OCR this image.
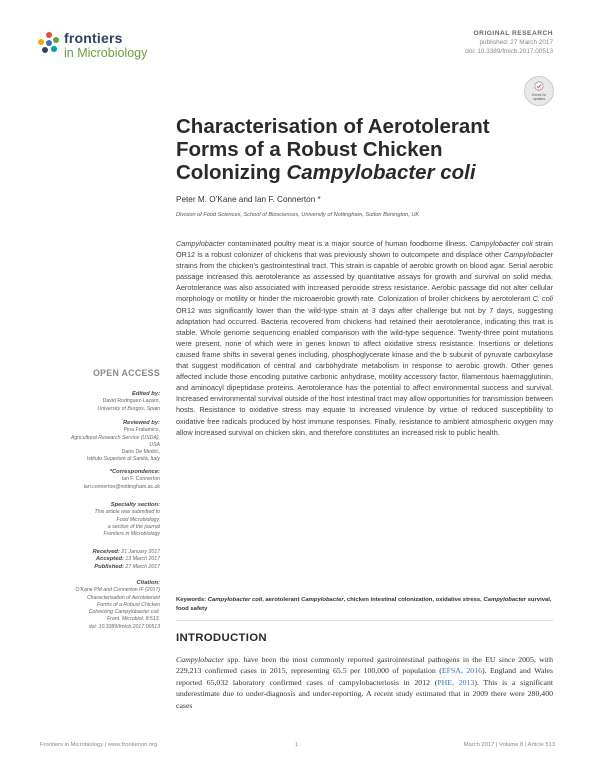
frontiers
in Microbiology
ORIGINAL RESEARCH
published: 27 March 2017
doi: 10.3389/fmicb.2017.00513
Check for
updates
Characterisation of Aerotolerant
Forms of a Robust Chicken
Colonizing Campylobacter coli
Peter M. O’Kane and Ian F. Connerton *
Division of Food Sciences, School of Biosciences, University of Nottingham, Sutton Bonington, UK

Campylobacter contaminated poultry meat is a major source of human foodborne illness. Campylobacter coli strain OR12 is a robust colonizer of chickens that was previously shown to outcompete and displace other Campylobacter strains from the chicken’s gastrointestinal tract. This strain is capable of aerobic growth on blood agar. Serial aerobic passage increased this aerotolerance as assessed by quantitative assays for growth and survival on solid media. Aerotolerance was also associated with increased peroxide stress resistance. Aerobic passage did not alter cellular morphology or motility or hinder the microaerobic growth rate. Colonization of broiler chickens by aerotolerant C. coli OR12 was significantly lower than the wild-type strain at 3 days after challenge but not by 7 days, suggesting adaptation had occurred. Bacteria recovered from chickens had retained their aerotolerance, indicating this trait is stable. Whole genome sequencing enabled comparison with the wild-type sequence. Twenty-three point mutations were present, none of which were in genes known to affect oxidative stress resistance. Insertions or deletions caused frame shifts in several genes including, phosphoglycerate kinase and the b subunit of pyruvate carboxylase that suggest modification of central and carbohydrate metabolism in response to aerobic growth. Other genes affected include those encoding putative carbonic anhydrase, motility accessory factor, filamentous haemagglutinin, and aminoacyl dipeptidase proteins. Aerotolerance has the potential to affect environmental success and survival. Increased environmental survival outside of the host intestinal tract may allow opportunities for transmission between hosts. Resistance to oxidative stress may equate to increased virulence by virtue of reduced susceptibility to oxidative free radicals produced by host immune responses. Finally, resistance to ambient atmospheric oxygen may allow increased survival on chicken skin, and therefore constitutes an increased risk to public health.

Keywords: Campylobacter coli, aerotolerant Campylobacter, chicken intestinal colonization, oxidative stress, Campylobacter survival, food safety
INTRODUCTION

Campylobacter spp. have been the most commonly reported gastrointestinal pathogens in the EU since 2005, with 229,213 confirmed cases in 2015, representing 65.5 per 100,000 of population (EFSA, 2016). England and Wales reported 65,032 laboratory confirmed cases of campylobacteriosis in 2012 (PHE, 2013). This is a significant underestimate due to under-diagnosis and under-reporting. A recent study estimated that in 2009 there were 280,400 cases

OPEN ACCESS
Edited by:
David Rodriguez-Lazaro,
University of Burgos, Spain
Reviewed by:
Pina Fratamico,
Agricultural Research Service (USDA),
USA
Dario De Medici,
Istituto Superiore di Sanità, Italy
*Correspondence:
Ian F. Connerton
ian.connerton@nottingham.ac.uk
Specialty section:
This article was submitted to
Food Microbiology,
a section of the journal
Frontiers in Microbiology
Received: 21 January 2017
Accepted: 13 March 2017
Published: 27 March 2017
Citation:
O’Kane PM and Connerton IF (2017)
Characterisation of Aerotolerant
Forms of a Robust Chicken
Colonizing Campylobacter coli.
Front. Microbiol. 8:513.
doi: 10.3389/fmicb.2017.00513
Frontiers in Microbiology | www.frontiersin.org	1	March 2017 | Volume 8 | Article 513
